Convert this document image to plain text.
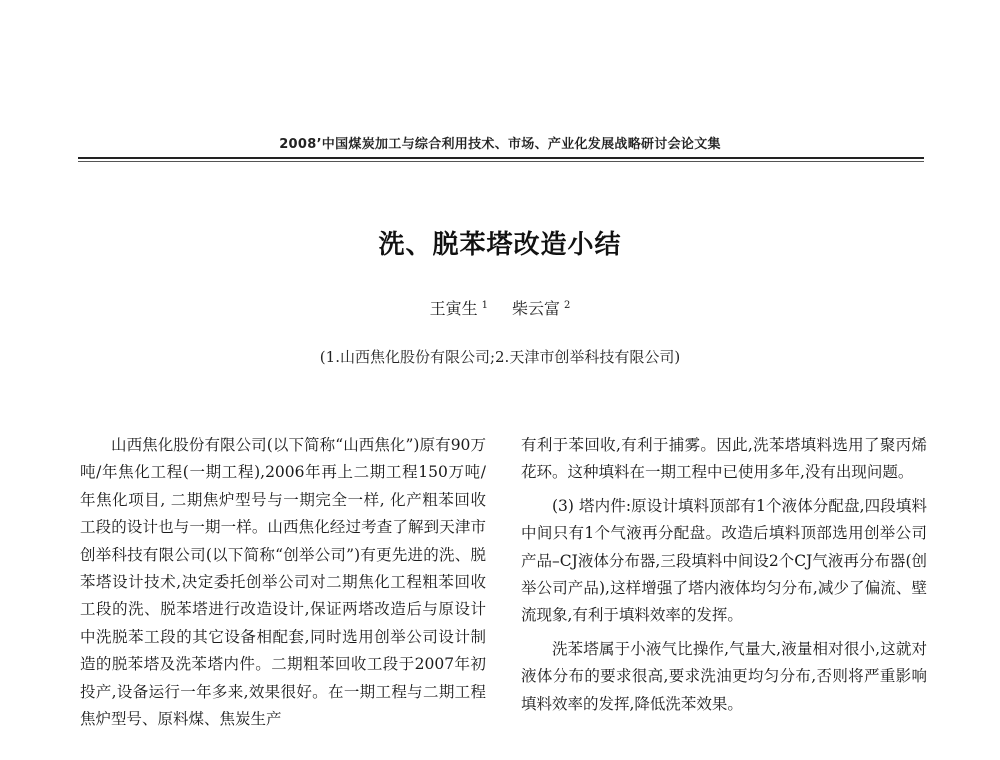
2008’中国煤炭加工与综合利用技术、市场、产业化发展战略研讨会论文集
洗、脱苯塔改造小结
王寅生 $^1$ 柴云富 $^2$
(1.山西焦化股份有限公司;2.天津市创举科技有限公司)

山西焦化股份有限公司(以下简称“山西焦化”)原有90万吨/年焦化工程(一期工程),2006年再上二期工程150万吨/年焦化项目, 二期焦炉型号与一期完全一样, 化产粗苯回收工段的设计也与一期一样。山西焦化经过考查了解到天津市创举科技有限公司(以下简称“创举公司”)有更先进的洗、脱苯塔设计技术,决定委托创举公司对二期焦化工程粗苯回收工段的洗、脱苯塔进行改造设计,保证两塔改造后与原设计中洗脱苯工段的其它设备相配套,同时选用创举公司设计制造的脱苯塔及洗苯塔内件。二期粗苯回收工段于2007年初投产,设备运行一年多来,效果很好。在一期工程与二期工程焦炉型号、原料煤、焦炭生产

有利于苯回收,有利于捕雾。因此,洗苯塔填料选用了聚丙烯花环。这种填料在一期工程中已使用多年,没有出现问题。

(3) 塔内件:原设计填料顶部有1个液体分配盘,四段填料中间只有1个气液再分配盘。改造后填料顶部选用创举公司产品–CJ液体分布器,三段填料中间设2个CJ气液再分布器(创举公司产品),这样增强了塔内液体均匀分布,减少了偏流、壁流现象,有利于填料效率的发挥。

洗苯塔属于小液气比操作,气量大,液量相对很小,这就对液体分布的要求很高,要求洗油更均匀分布,否则将严重影响填料效率的发挥,降低洗苯效果。
